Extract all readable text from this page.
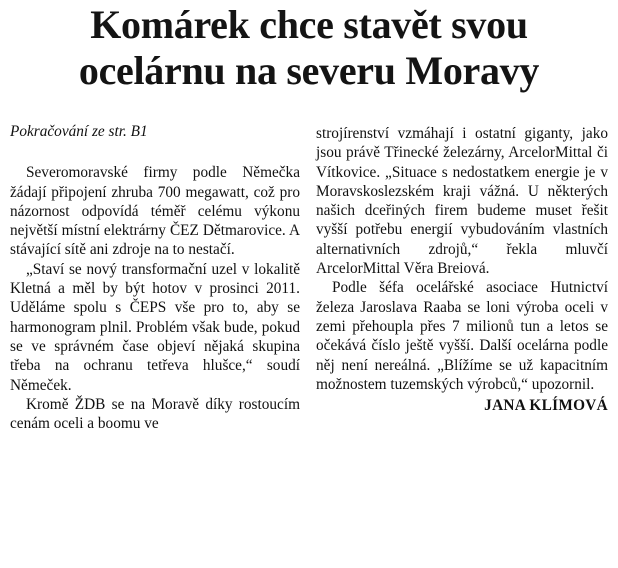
Komárek chce stavět svou
ocelárnu na severu Moravy

Pokračování ze str. B1

Severomoravské firmy podle Němečka žádají připojení zhruba 700 megawatt, což pro názornost odpovídá téměř celému výkonu největší místní elektrárny ČEZ Dětmarovice. A stávající sítě ani zdroje na to nestačí.

„Staví se nový transformační uzel v lokalitě Kletná a měl by být hotov v prosinci 2011. Uděláme spolu s ČEPS vše pro to, aby se harmonogram plnil. Problém však bude, pokud se ve správném čase objeví nějaká skupina třeba na ochranu tetřeva hlušce,“ soudí Němeček.

Kromě ŽDB se na Moravě díky rostoucím cenám oceli a boomu ve

strojírenství vzmáhají i ostatní giganty, jako jsou právě Třinecké železárny, ArcelorMittal či Vítkovice. „Situace s nedostatkem energie je v Moravskoslezském kraji vážná. U některých našich dceřiných firem budeme muset řešit vyšší potřebu energií vybudováním vlastních alternativních zdrojů,“ řekla mluvčí ArcelorMittal Věra Breiová.

Podle šéfa ocelářské asociace Hutnictví železa Jaroslava Raaba se loni výroba oceli v zemi přehoupla přes 7 milionů tun a letos se očekává číslo ještě vyšší. Další ocelárna podle něj není nereálná. „Blížíme se už kapacitním možnostem tuzemských výrobců,“ upozornil.

JANA KLÍMOVÁ
